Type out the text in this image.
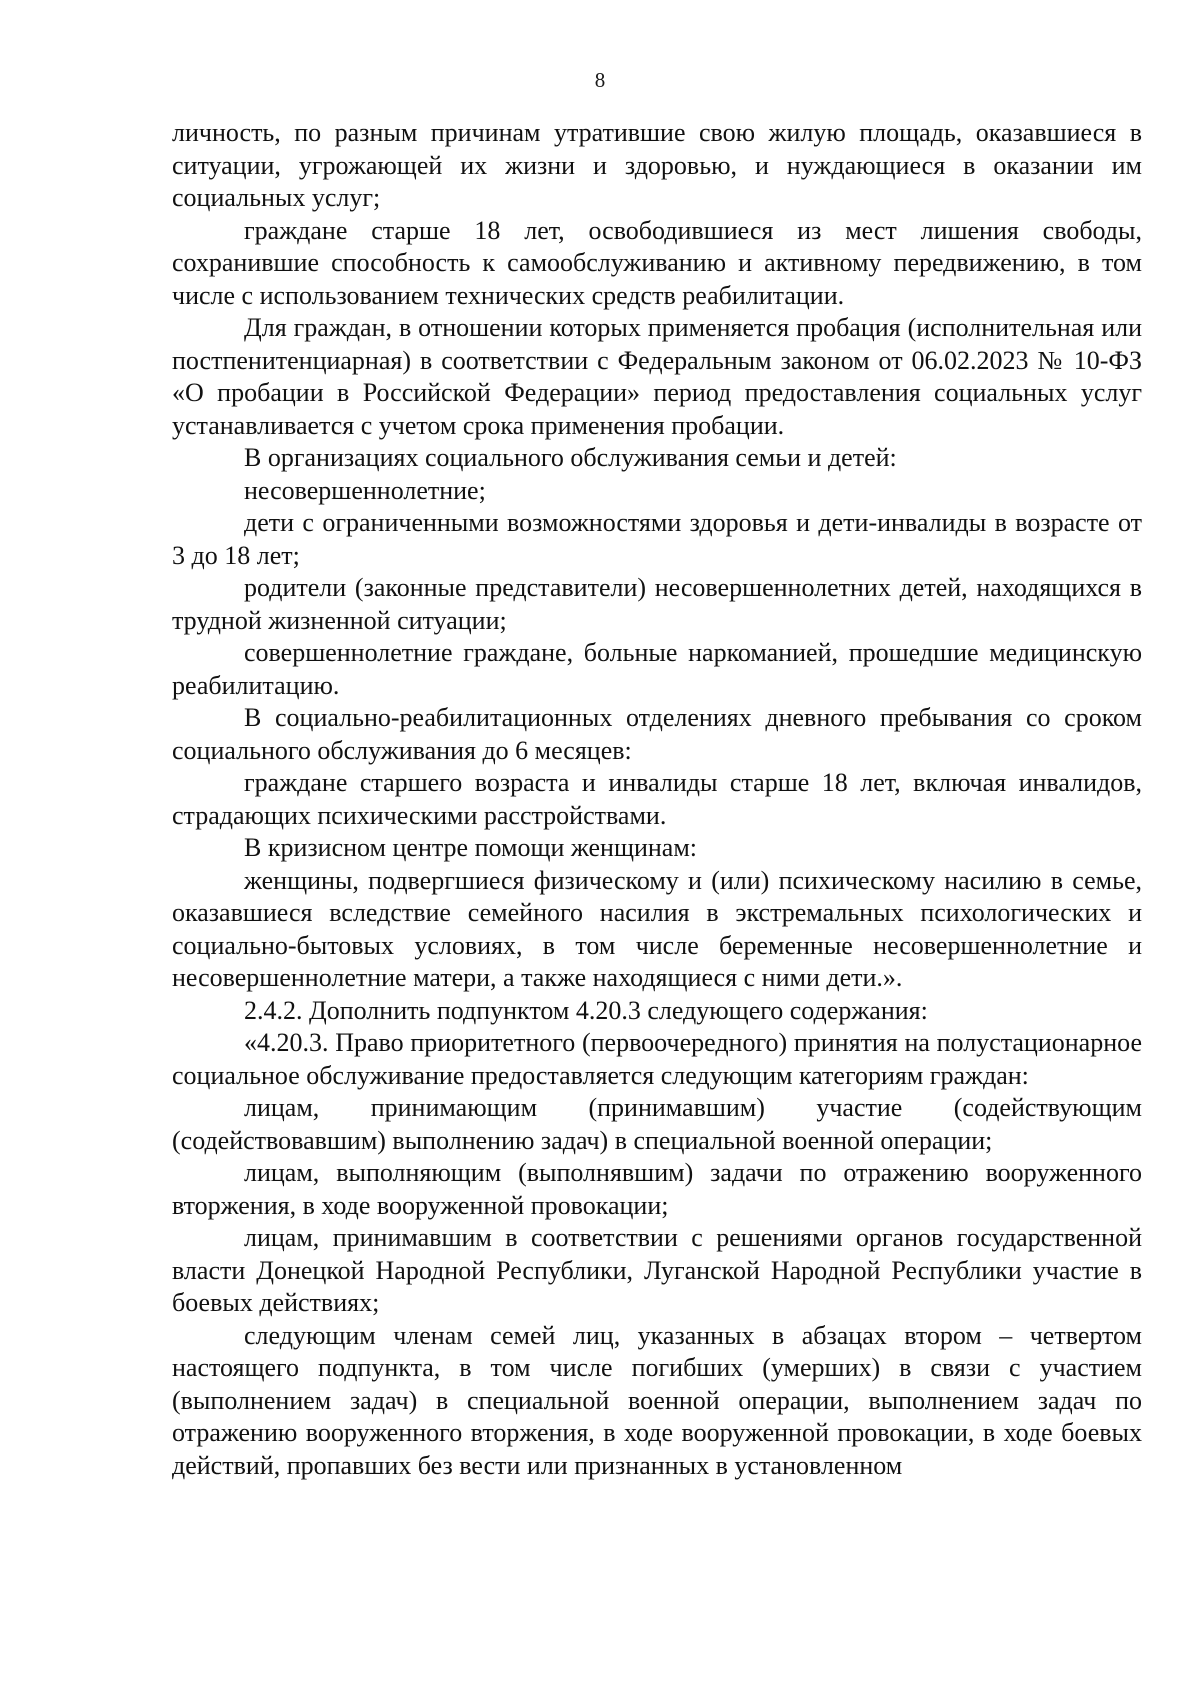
8

личность, по разным причинам утратившие свою жилую площадь, оказавшиеся в ситуации, угрожающей их жизни и здоровью, и нуждающиеся в оказании им социальных услуг;

граждане старше 18 лет, освободившиеся из мест лишения свободы, сохранившие способность к самообслуживанию и активному передвижению, в том числе с использованием технических средств реабилитации.

Для граждан, в отношении которых применяется пробация (исполнительная или постпенитенциарная) в соответствии с Федеральным законом от 06.02.2023 № 10-ФЗ «О пробации в Российской Федерации» период предоставления социальных услуг устанавливается с учетом срока применения пробации.

В организациях социального обслуживания семьи и детей:

несовершеннолетние;

дети с ограниченными возможностями здоровья и дети-инвалиды в возрасте от 3 до 18 лет;

родители (законные представители) несовершеннолетних детей, находящихся в трудной жизненной ситуации;

совершеннолетние граждане, больные наркоманией, прошедшие медицинскую реабилитацию.

В социально-реабилитационных отделениях дневного пребывания со сроком социального обслуживания до 6 месяцев:

граждане старшего возраста и инвалиды старше 18 лет, включая инвалидов, страдающих психическими расстройствами.

В кризисном центре помощи женщинам:

женщины, подвергшиеся физическому и (или) психическому насилию в семье, оказавшиеся вследствие семейного насилия в экстремальных психологических и социально-бытовых условиях, в том числе беременные несовершеннолетние и несовершеннолетние матери, а также находящиеся с ними дети.».

2.4.2. Дополнить подпунктом 4.20.3 следующего содержания:

«4.20.3. Право приоритетного (первоочередного) принятия на полустационарное социальное обслуживание предоставляется следующим категориям граждан:

лицам, принимающим (принимавшим) участие (содействующим (содействовавшим) выполнению задач) в специальной военной операции;

лицам, выполняющим (выполнявшим) задачи по отражению вооруженного вторжения, в ходе вооруженной провокации;

лицам, принимавшим в соответствии с решениями органов государственной власти Донецкой Народной Республики, Луганской Народной Республики участие в боевых действиях;

следующим членам семей лиц, указанных в абзацах втором – четвертом настоящего подпункта, в том числе погибших (умерших) в связи с участием (выполнением задач) в специальной военной операции, выполнением задач по отражению вооруженного вторжения, в ходе вооруженной провокации, в ходе боевых действий, пропавших без вести или признанных в установленном
